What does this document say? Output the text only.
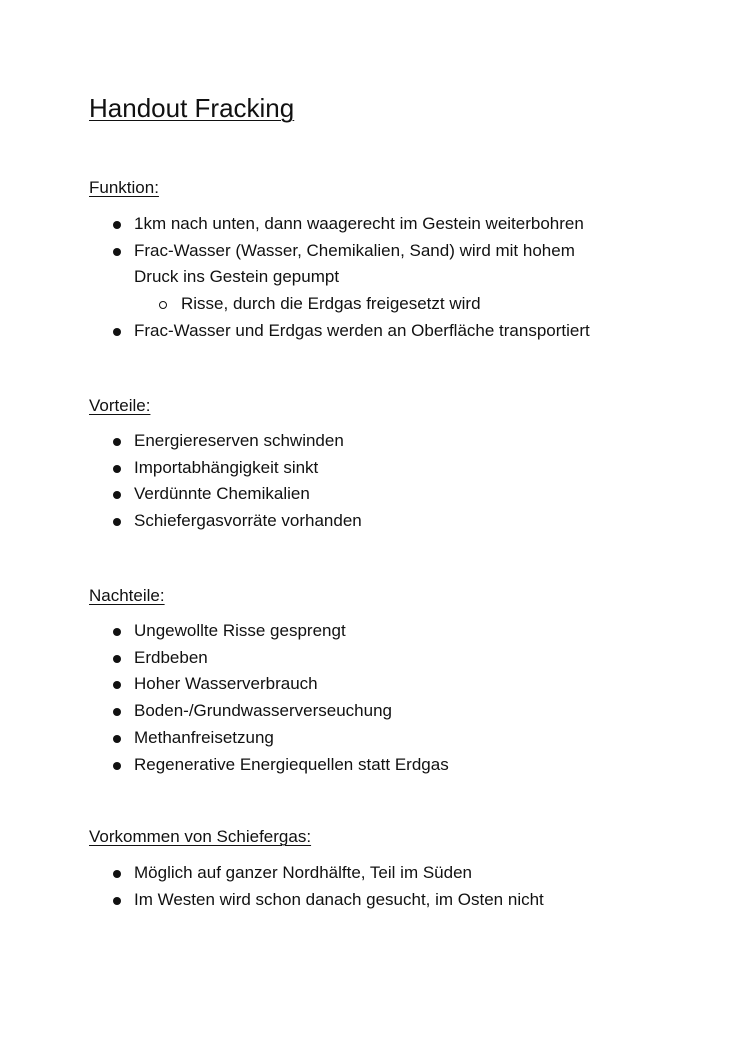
Handout Fracking
Funktion:
1km nach unten, dann waagerecht im Gestein weiterbohren
Frac-Wasser (Wasser, Chemikalien, Sand) wird mit hohem Druck ins Gestein gepumpt
Risse, durch die Erdgas freigesetzt wird
Frac-Wasser und Erdgas werden an Oberfläche transportiert
Vorteile:
Energiereserven schwinden
Importabhängigkeit sinkt
Verdünnte Chemikalien
Schiefergasvorräte vorhanden
Nachteile:
Ungewollte Risse gesprengt
Erdbeben
Hoher Wasserverbrauch
Boden-/Grundwasserverseuchung
Methanfreisetzung
Regenerative Energiequellen statt Erdgas
Vorkommen von Schiefergas:
Möglich auf ganzer Nordhälfte, Teil im Süden
Im Westen wird schon danach gesucht, im Osten nicht
